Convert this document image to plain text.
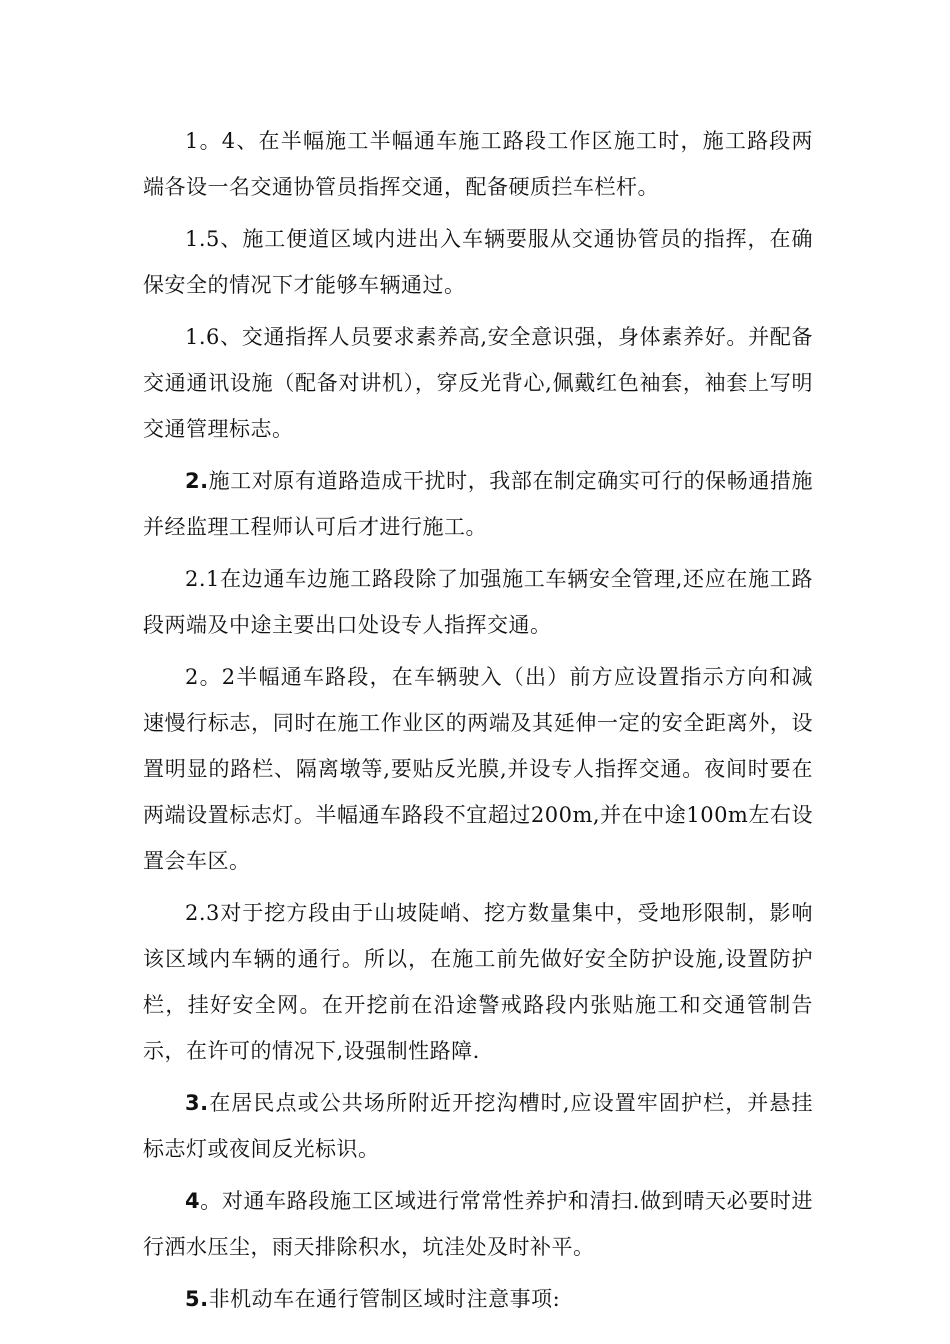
1。4、在半幅施工半幅通车施工路段工作区施工时，施工路段两端各设一名交通协管员指挥交通，配备硬质拦车栏杆。

1.5、施工便道区域内进出入车辆要服从交通协管员的指挥，在确保安全的情况下才能够车辆通过。

1.6、交通指挥人员要求素养高,安全意识强，身体素养好。并配备交通通讯设施（配备对讲机），穿反光背心,佩戴红色袖套，袖套上写明交通管理标志。

2.施工对原有道路造成干扰时，我部在制定确实可行的保畅通措施并经监理工程师认可后才进行施工。

2.1在边通车边施工路段除了加强施工车辆安全管理,还应在施工路段两端及中途主要出口处设专人指挥交通。

2。2半幅通车路段，在车辆驶入（出）前方应设置指示方向和减速慢行标志，同时在施工作业区的两端及其延伸一定的安全距离外，设置明显的路栏、隔离墩等,要贴反光膜,并设专人指挥交通。夜间时要在两端设置标志灯。半幅通车路段不宜超过200m,并在中途100m左右设置会车区。

2.3对于挖方段由于山坡陡峭、挖方数量集中，受地形限制，影响该区域内车辆的通行。所以，在施工前先做好安全防护设施,设置防护栏，挂好安全网。在开挖前在沿途警戒路段内张贴施工和交通管制告示，在许可的情况下,设强制性路障.

3.在居民点或公共场所附近开挖沟槽时,应设置牢固护栏，并悬挂标志灯或夜间反光标识。

4。对通车路段施工区域进行常常性养护和清扫.做到晴天必要时进行洒水压尘，雨天排除积水，坑洼处及时补平。

5.非机动车在通行管制区域时注意事项:
